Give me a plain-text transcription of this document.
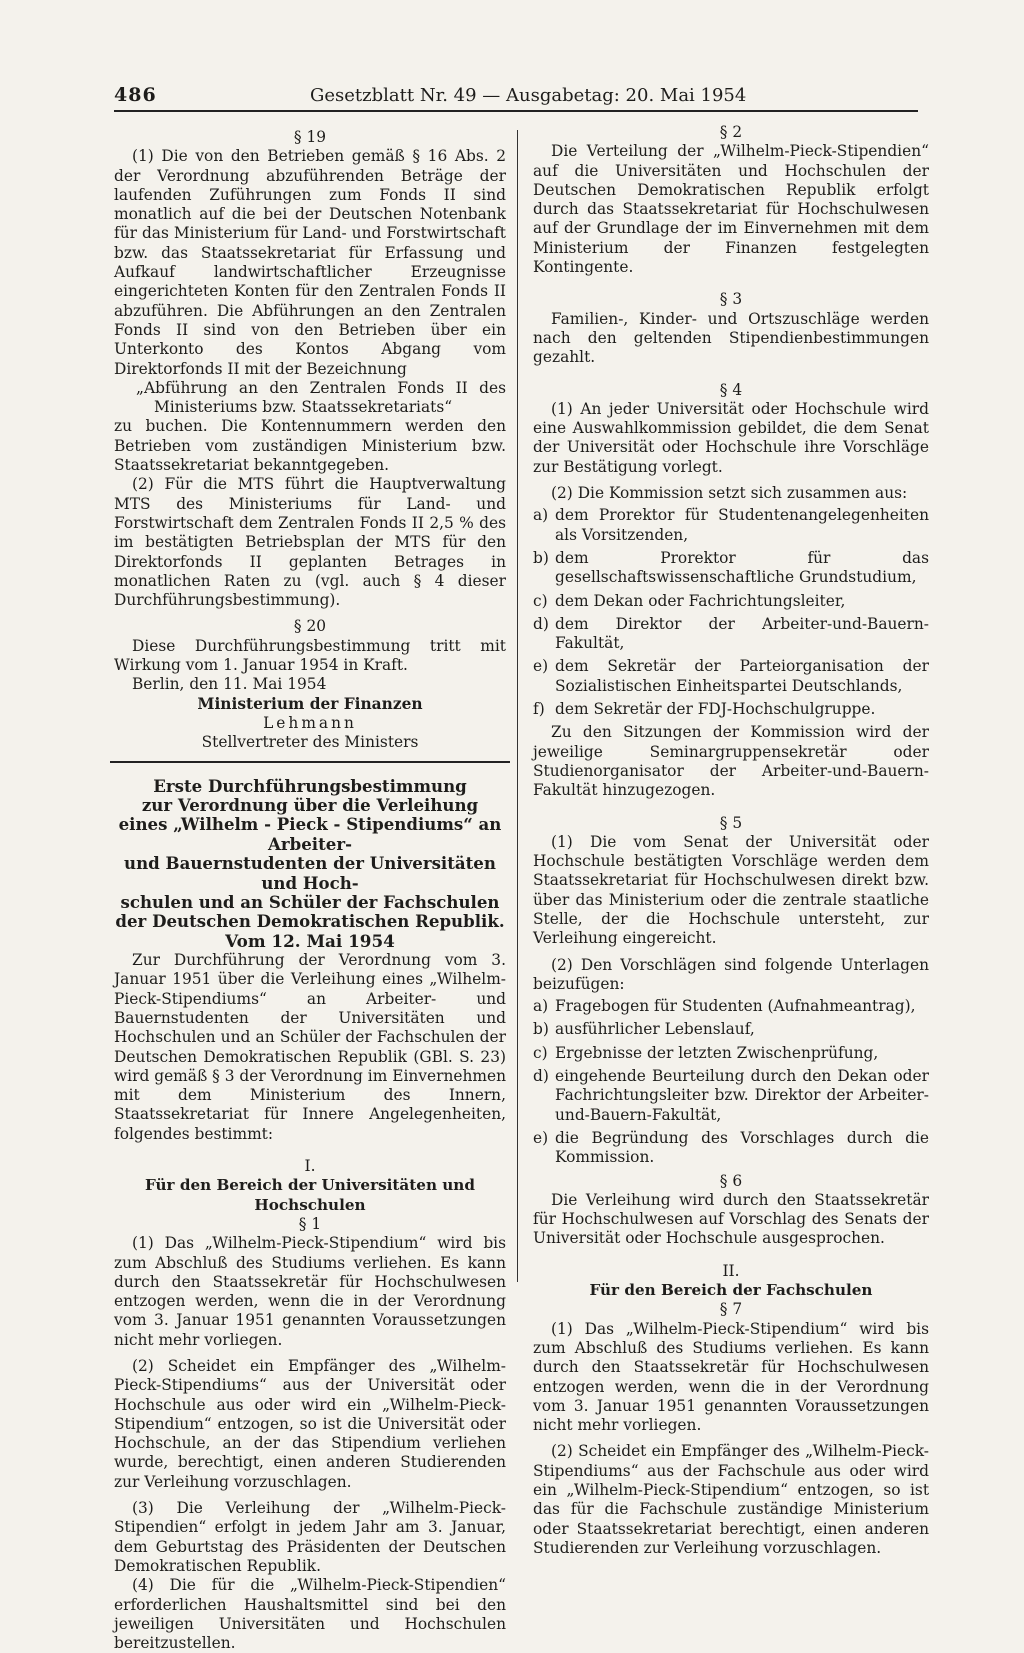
486	Gesetzblatt Nr. 49 — Ausgabetag: 20. Mai 1954

§ 19

(1) Die von den Betrieben gemäß § 16 Abs. 2 der Verordnung abzuführenden Beträge der laufenden Zuführungen zum Fonds II sind monatlich auf die bei der Deutschen Notenbank für das Ministerium für Land- und Forstwirtschaft bzw. das Staatssekretariat für Erfassung und Aufkauf landwirtschaftlicher Erzeugnisse eingerichteten Konten für den Zentralen Fonds II abzuführen. Die Abführungen an den Zentralen Fonds II sind von den Betrieben über ein Unterkonto des Kontos Abgang vom Direktorfonds II mit der Bezeichnung

„Abführung an den Zentralen Fonds II des Ministeriums bzw. Staatssekretariats“

zu buchen. Die Kontennummern werden den Betrieben vom zuständigen Ministerium bzw. Staatssekretariat bekanntgegeben.

(2) Für die MTS führt die Hauptverwaltung MTS des Ministeriums für Land- und Forstwirtschaft dem Zentralen Fonds II 2,5 % des im bestätigten Betriebsplan der MTS für den Direktorfonds II geplanten Betrages in monatlichen Raten zu (vgl. auch § 4 dieser Durchführungsbestimmung).

§ 20

Diese Durchführungsbestimmung tritt mit Wirkung vom 1. Januar 1954 in Kraft.

Berlin, den 11. Mai 1954

Ministerium der Finanzen

Lehmann

Stellvertreter des Ministers

Erste Durchführungsbestimmung
zur Verordnung über die Verleihung
eines „Wilhelm - Pieck - Stipendiums“ an Arbeiter-
und Bauernstudenten der Universitäten und Hoch-
schulen und an Schüler der Fachschulen
der Deutschen Demokratischen Republik.

Vom 12. Mai 1954

Zur Durchführung der Verordnung vom 3. Januar 1951 über die Verleihung eines „Wilhelm-Pieck-Stipendiums“ an Arbeiter- und Bauernstudenten der Universitäten und Hochschulen und an Schüler der Fachschulen der Deutschen Demokratischen Republik (GBl. S. 23) wird gemäß § 3 der Verordnung im Einvernehmen mit dem Ministerium des Innern, Staatssekretariat für Innere Angelegenheiten, folgendes bestimmt:

I.

Für den Bereich der Universitäten und Hochschulen

§ 1

(1) Das „Wilhelm-Pieck-Stipendium“ wird bis zum Abschluß des Studiums verliehen. Es kann durch den Staatssekretär für Hochschulwesen entzogen werden, wenn die in der Verordnung vom 3. Januar 1951 genannten Voraussetzungen nicht mehr vorliegen.

(2) Scheidet ein Empfänger des „Wilhelm-Pieck-Stipendiums“ aus der Universität oder Hochschule aus oder wird ein „Wilhelm-Pieck-Stipendium“ entzogen, so ist die Universität oder Hochschule, an der das Stipendium verliehen wurde, berechtigt, einen anderen Studierenden zur Verleihung vorzuschlagen.

(3) Die Verleihung der „Wilhelm-Pieck-Stipendien“ erfolgt in jedem Jahr am 3. Januar, dem Geburtstag des Präsidenten der Deutschen Demokratischen Republik.

(4) Die für die „Wilhelm-Pieck-Stipendien“ erforderlichen Haushaltsmittel sind bei den jeweiligen Universitäten und Hochschulen bereitzustellen.

§ 2

Die Verteilung der „Wilhelm-Pieck-Stipendien“ auf die Universitäten und Hochschulen der Deutschen Demokratischen Republik erfolgt durch das Staatssekretariat für Hochschulwesen auf der Grundlage der im Einvernehmen mit dem Ministerium der Finanzen festgelegten Kontingente.

§ 3

Familien-, Kinder- und Ortszuschläge werden nach den geltenden Stipendienbestimmungen gezahlt.

§ 4

(1) An jeder Universität oder Hochschule wird eine Auswahlkommission gebildet, die dem Senat der Universität oder Hochschule ihre Vorschläge zur Bestätigung vorlegt.

(2) Die Kommission setzt sich zusammen aus:

a) dem Prorektor für Studentenangelegenheiten als Vorsitzenden,
b) dem Prorektor für das gesellschaftswissenschaftliche Grundstudium,
c) dem Dekan oder Fachrichtungsleiter,
d) dem Direktor der Arbeiter-und-Bauern-Fakultät,
e) dem Sekretär der Parteiorganisation der Sozialistischen Einheitspartei Deutschlands,
f) dem Sekretär der FDJ-Hochschulgruppe.

Zu den Sitzungen der Kommission wird der jeweilige Seminargruppensekretär oder Studienorganisator der Arbeiter-und-Bauern-Fakultät hinzugezogen.

§ 5

(1) Die vom Senat der Universität oder Hochschule bestätigten Vorschläge werden dem Staatssekretariat für Hochschulwesen direkt bzw. über das Ministerium oder die zentrale staatliche Stelle, der die Hochschule untersteht, zur Verleihung eingereicht.

(2) Den Vorschlägen sind folgende Unterlagen beizufügen:

a) Fragebogen für Studenten (Aufnahmeantrag),
b) ausführlicher Lebenslauf,
c) Ergebnisse der letzten Zwischenprüfung,
d) eingehende Beurteilung durch den Dekan oder Fachrichtungsleiter bzw. Direktor der Arbeiter-und-Bauern-Fakultät,
e) die Begründung des Vorschlages durch die Kommission.

§ 6

Die Verleihung wird durch den Staatssekretär für Hochschulwesen auf Vorschlag des Senats der Universität oder Hochschule ausgesprochen.

II.

Für den Bereich der Fachschulen

§ 7

(1) Das „Wilhelm-Pieck-Stipendium“ wird bis zum Abschluß des Studiums verliehen. Es kann durch den Staatssekretär für Hochschulwesen entzogen werden, wenn die in der Verordnung vom 3. Januar 1951 genannten Voraussetzungen nicht mehr vorliegen.

(2) Scheidet ein Empfänger des „Wilhelm-Pieck-Stipendiums“ aus der Fachschule aus oder wird ein „Wilhelm-Pieck-Stipendium“ entzogen, so ist das für die Fachschule zuständige Ministerium oder Staatssekretariat berechtigt, einen anderen Studierenden zur Verleihung vorzuschlagen.
